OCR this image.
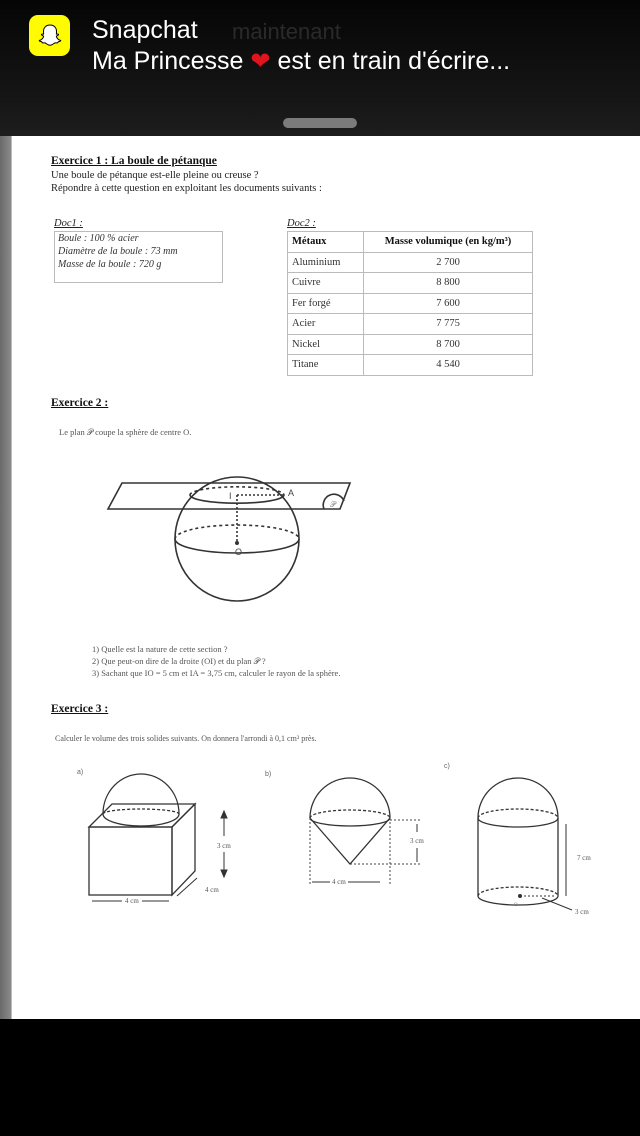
Snapchat maintenant
Ma Princesse ❤ est en train d'écrire...
Exercice 1 : La boule de pétanque
Une boule de pétanque est-elle pleine ou creuse ?
Répondre à cette question en exploitant les documents suivants :
Doc1 :
Boule : 100 % acier
Diamètre de la boule : 73 mm
Masse de la boule : 720 g
Doc2 :
Métaux	Masse volumique (en kg/m³)
Aluminium	2 700
Cuivre	8 800
Fer forgé	7 600
Acier	7 775
Nickel	8 700
Titane	4 540
Exercice 2 :
Le plan 𝒫 coupe la sphère de centre O.
I	A
O
𝒫
1) Quelle est la nature de cette section ?
2) Que peut-on dire de la droite (OI) et du plan 𝒫 ?
3) Sachant que IO = 5 cm et IA = 3,75 cm, calculer le rayon de la sphère.
Exercice 3 :
Calculer le volume des trois solides suivants. On donnera l'arrondi à 0,1 cm³ près.
a)
3 cm
4 cm
4 cm
b)
3 cm
4 cm
c)
7 cm
3 cm
O
